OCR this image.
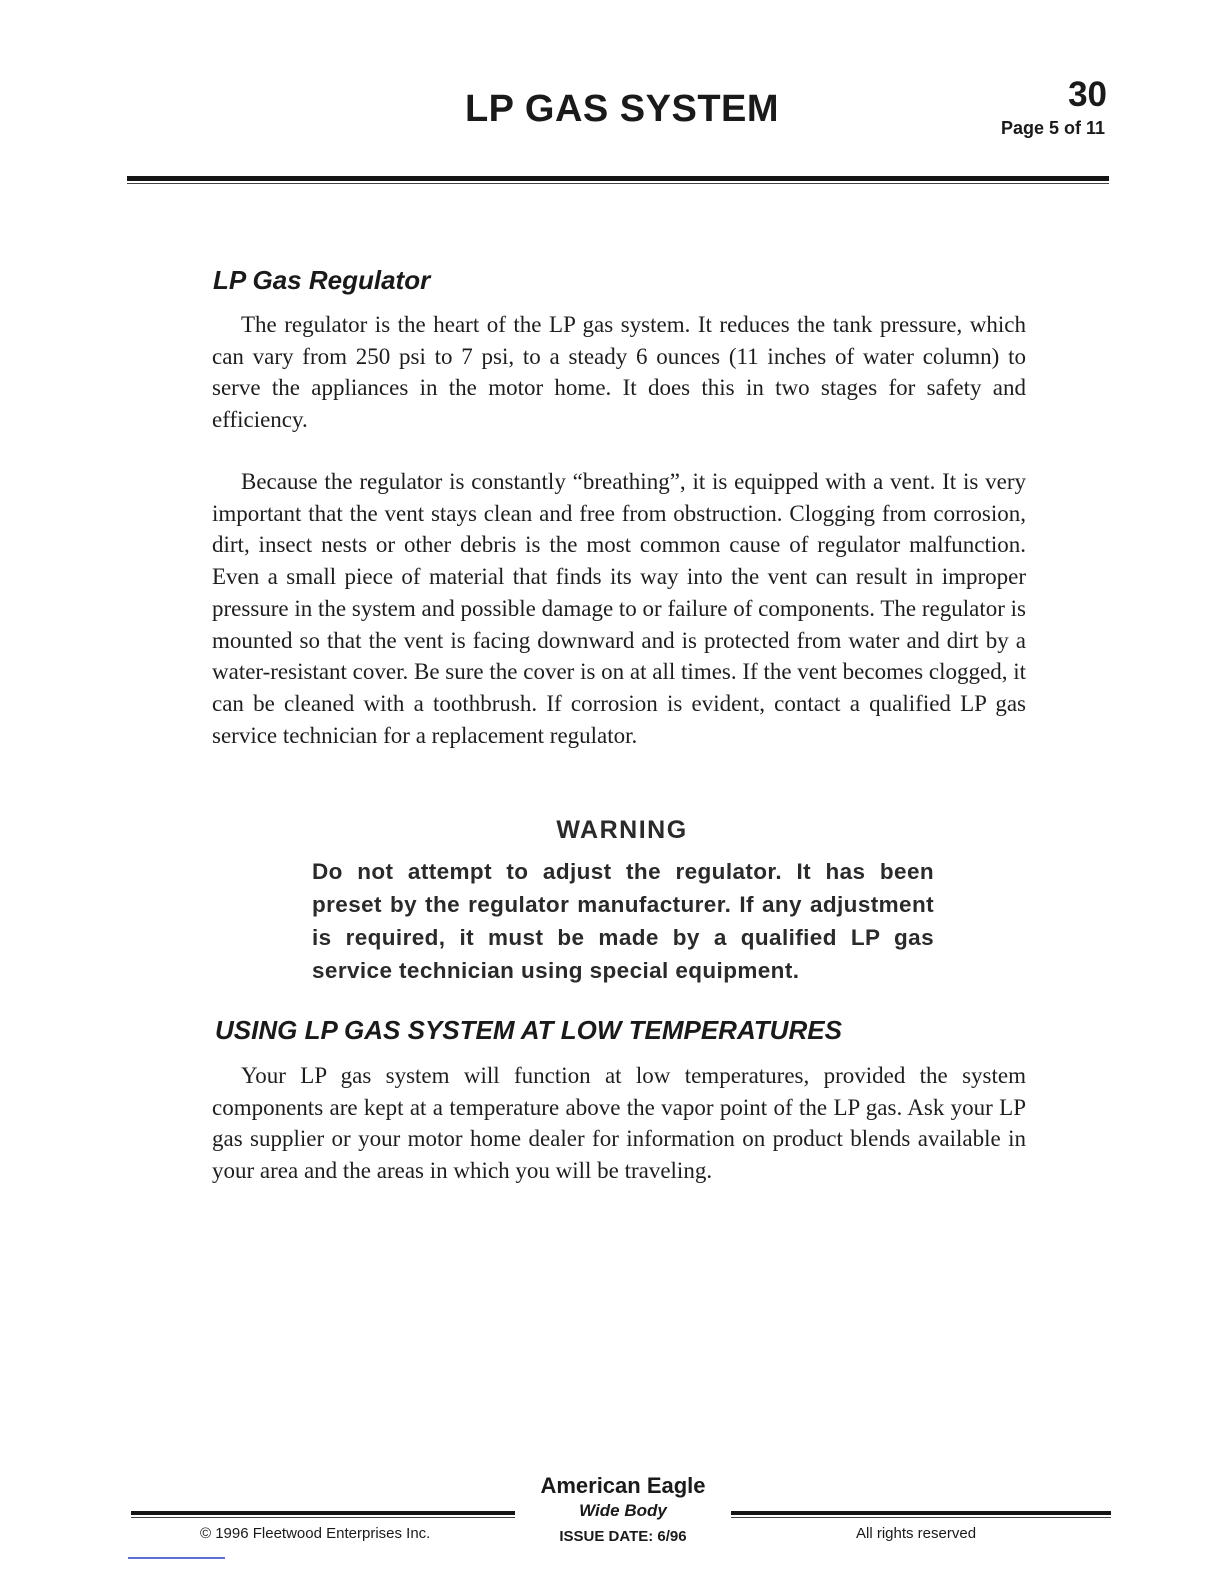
LP GAS SYSTEM	30
Page 5 of 11
LP Gas Regulator

The regulator is the heart of the LP gas system. It reduces the tank pressure, which can vary from 250 psi to 7 psi, to a steady 6 ounces (11 inches of water column) to serve the appliances in the motor home. It does this in two stages for safety and efficiency.

Because the regulator is constantly “breathing”, it is equipped with a vent. It is very important that the vent stays clean and free from obstruction. Clogging from corrosion, dirt, insect nests or other debris is the most common cause of regulator malfunction. Even a small piece of material that finds its way into the vent can result in improper pressure in the system and possible damage to or failure of components. The regulator is mounted so that the vent is facing downward and is protected from water and dirt by a water-resistant cover. Be sure the cover is on at all times. If the vent becomes clogged, it can be cleaned with a toothbrush. If corrosion is evident, contact a qualified LP gas service technician for a replacement regulator.

WARNING

Do not attempt to adjust the regulator. It has been preset by the regulator manufacturer. If any adjustment is required, it must be made by a qualified LP gas service technician using special equipment.

USING LP GAS SYSTEM AT LOW TEMPERATURES

Your LP gas system will function at low temperatures, provided the system components are kept at a temperature above the vapor point of the LP gas. Ask your LP gas supplier or your motor home dealer for information on product blends available in your area and the areas in which you will be traveling.

American Eagle
Wide Body
ISSUE DATE: 6/96
© 1996 Fleetwood Enterprises Inc.	All rights reserved
